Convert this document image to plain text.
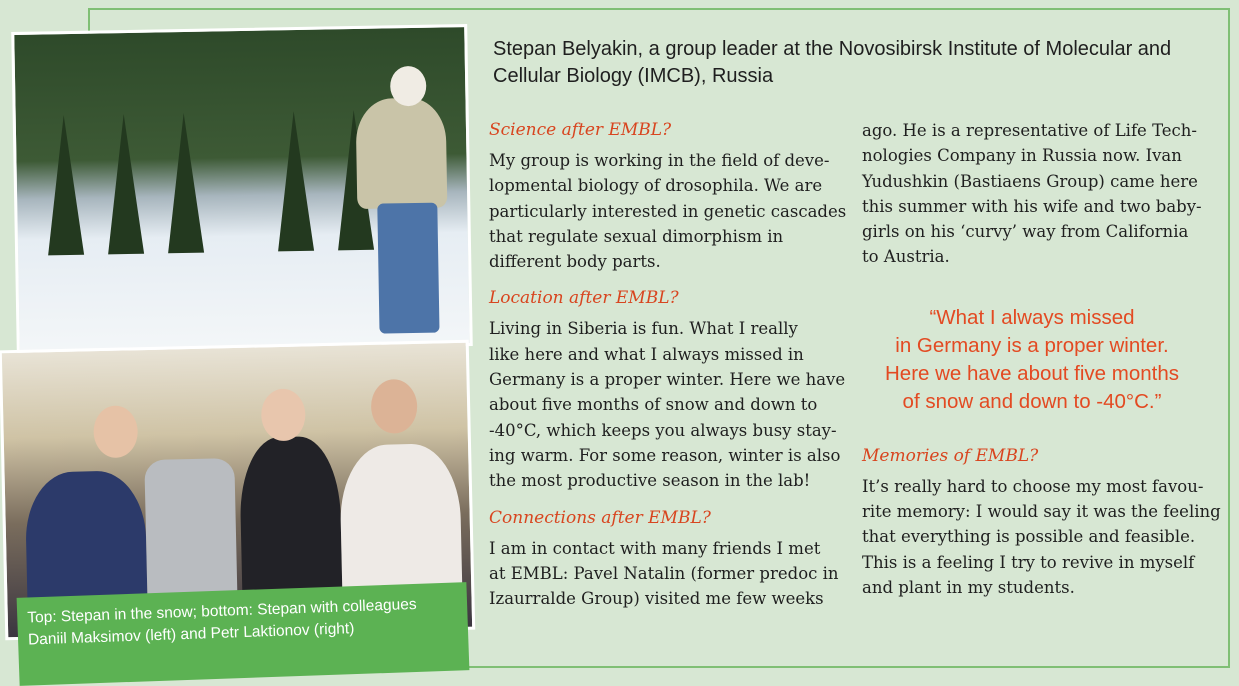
Top: Stepan in the snow; bottom: Stepan with colleagues Daniil Maksimov (left) and Petr Laktionov (right)
Stepan Belyakin, a group leader at the Novosibirsk Institute of Molecular and Cellular Biology (IMCB), Russia
Science after EMBL?
My group is working in the field of deve-
lopmental biology of drosophila. We are
particularly interested in genetic cascades
that regulate sexual dimorphism in
different body parts.
Location after EMBL?
Living in Siberia is fun. What I really
like here and what I always missed in
Germany is a proper winter. Here we have
about five months of snow and down to
-40°C, which keeps you always busy stay-
ing warm. For some reason, winter is also
the most productive season in the lab!
Connections after EMBL?
I am in contact with many friends I met
at EMBL: Pavel Natalin (former predoc in
Izaurralde Group) visited me few weeks
ago. He is a representative of Life Tech-
nologies Company in Russia now. Ivan
Yudushkin (Bastiaens Group) came here
this summer with his wife and two baby-
girls on his ‘curvy’ way from California
to Austria.
“What I always missed
in Germany is a proper winter.
Here we have about five months
of snow and down to -40°C.”
Memories of EMBL?
It’s really hard to choose my most favou-
rite memory: I would say it was the feeling
that everything is possible and feasible.
This is a feeling I try to revive in myself
and plant in my students.
